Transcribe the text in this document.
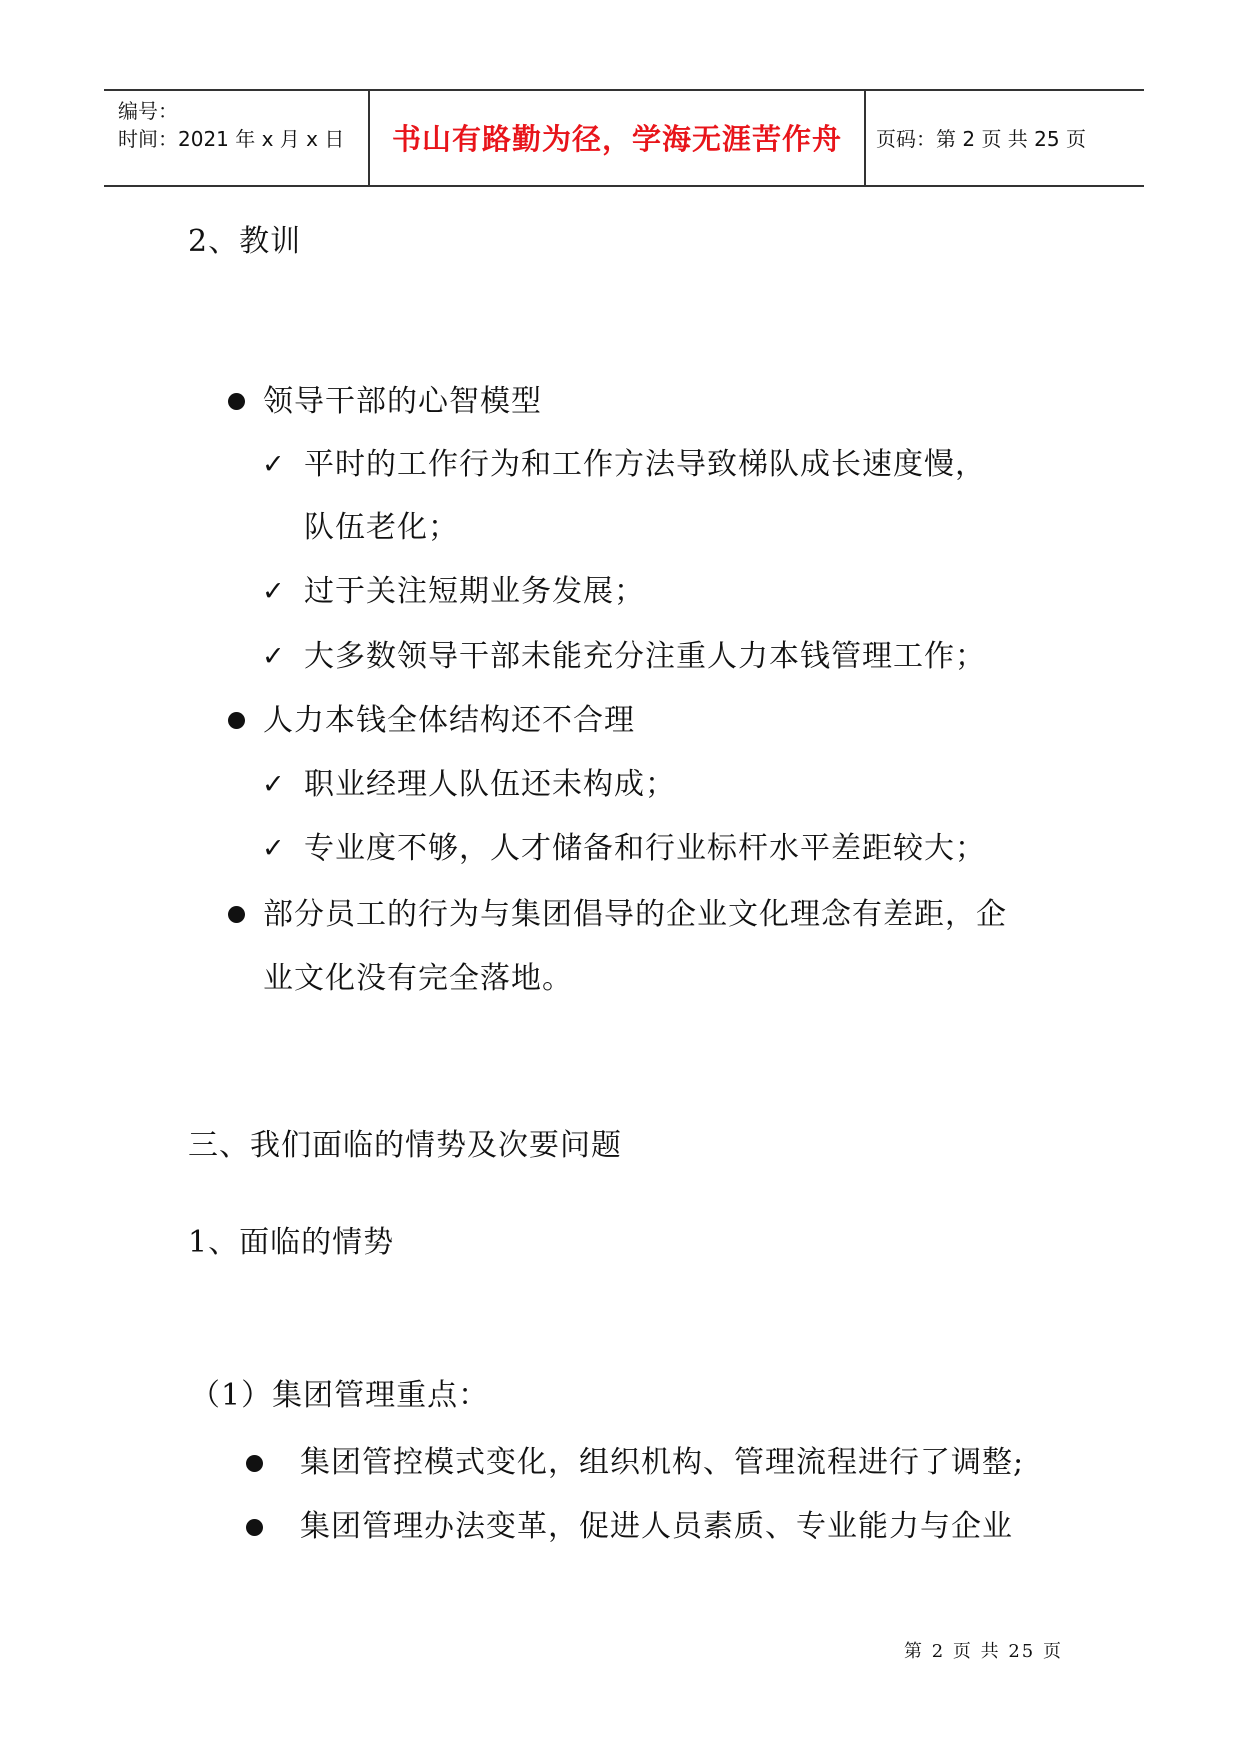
编号：
时间：2021 年 x 月 x 日	书山有路勤为径，学海无涯苦作舟	页码：第 2 页 共 25 页
2、教训
领导干部的心智模型
✓ 平时的工作行为和工作方法导致梯队成长速度慢，
队伍老化；
✓ 过于关注短期业务发展；
✓ 大多数领导干部未能充分注重人力本钱管理工作；
人力本钱全体结构还不合理
✓ 职业经理人队伍还未构成；
✓ 专业度不够，人才储备和行业标杆水平差距较大；
部分员工的行为与集团倡导的企业文化理念有差距，企
业文化没有完全落地。
三、我们面临的情势及次要问题
1、面临的情势
（1）集团管理重点：
集团管控模式变化，组织机构、管理流程进行了调整;
集团管理办法变革，促进人员素质、专业能力与企业
第 2 页 共 25 页
